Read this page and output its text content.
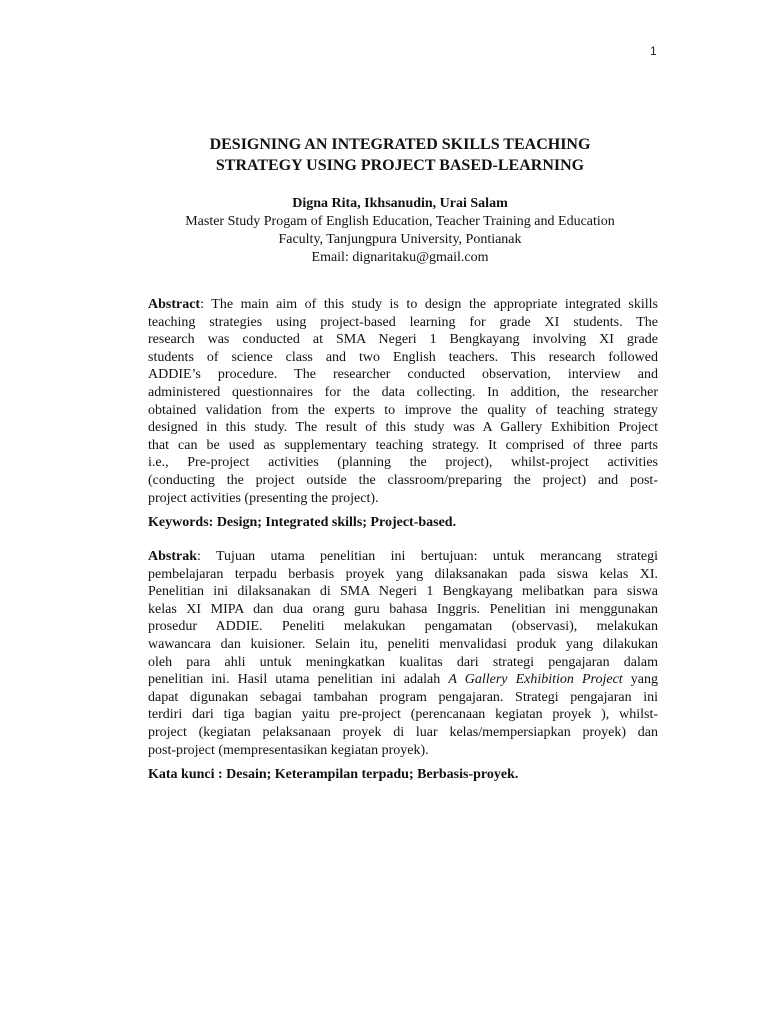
1
DESIGNING AN INTEGRATED SKILLS TEACHING
STRATEGY USING PROJECT BASED-LEARNING
Digna Rita, Ikhsanudin, Urai Salam
Master Study Progam of English Education, Teacher Training and Education
Faculty, Tanjungpura University, Pontianak
Email: dignaritaku@gmail.com
Abstract: The main aim of this study is to design the appropriate integrated skills
teaching strategies using project-based learning for grade XI students. The
research was conducted at SMA Negeri 1 Bengkayang involving XI grade
students of science class and two English teachers. This research followed
ADDIE’s procedure. The researcher conducted observation, interview and
administered questionnaires for the data collecting. In addition, the researcher
obtained validation from the experts to improve the quality of teaching strategy
designed in this study. The result of this study was A Gallery Exhibition Project
that can be used as supplementary teaching strategy. It comprised of three parts
i.e., Pre-project activities (planning the project), whilst-project activities
(conducting the project outside the classroom/preparing the project) and post-
project activities (presenting the project).
Keywords: Design; Integrated skills; Project-based.
Abstrak: Tujuan utama penelitian ini bertujuan: untuk merancang strategi
pembelajaran terpadu berbasis proyek yang dilaksanakan pada siswa kelas XI.
Penelitian ini dilaksanakan di SMA Negeri 1 Bengkayang melibatkan para siswa
kelas XI MIPA dan dua orang guru bahasa Inggris. Penelitian ini menggunakan
prosedur ADDIE. Peneliti melakukan pengamatan (observasi), melakukan
wawancara dan kuisioner. Selain itu, peneliti menvalidasi produk yang dilakukan
oleh para ahli untuk meningkatkan kualitas dari strategi pengajaran dalam
penelitian ini. Hasil utama penelitian ini adalah A Gallery Exhibition Project yang
dapat digunakan sebagai tambahan program pengajaran. Strategi pengajaran ini
terdiri dari tiga bagian yaitu pre-project (perencanaan kegiatan proyek ), whilst-
project (kegiatan pelaksanaan proyek di luar kelas/mempersiapkan proyek) dan
post-project (mempresentasikan kegiatan proyek).
Kata kunci : Desain; Keterampilan terpadu; Berbasis-proyek.
